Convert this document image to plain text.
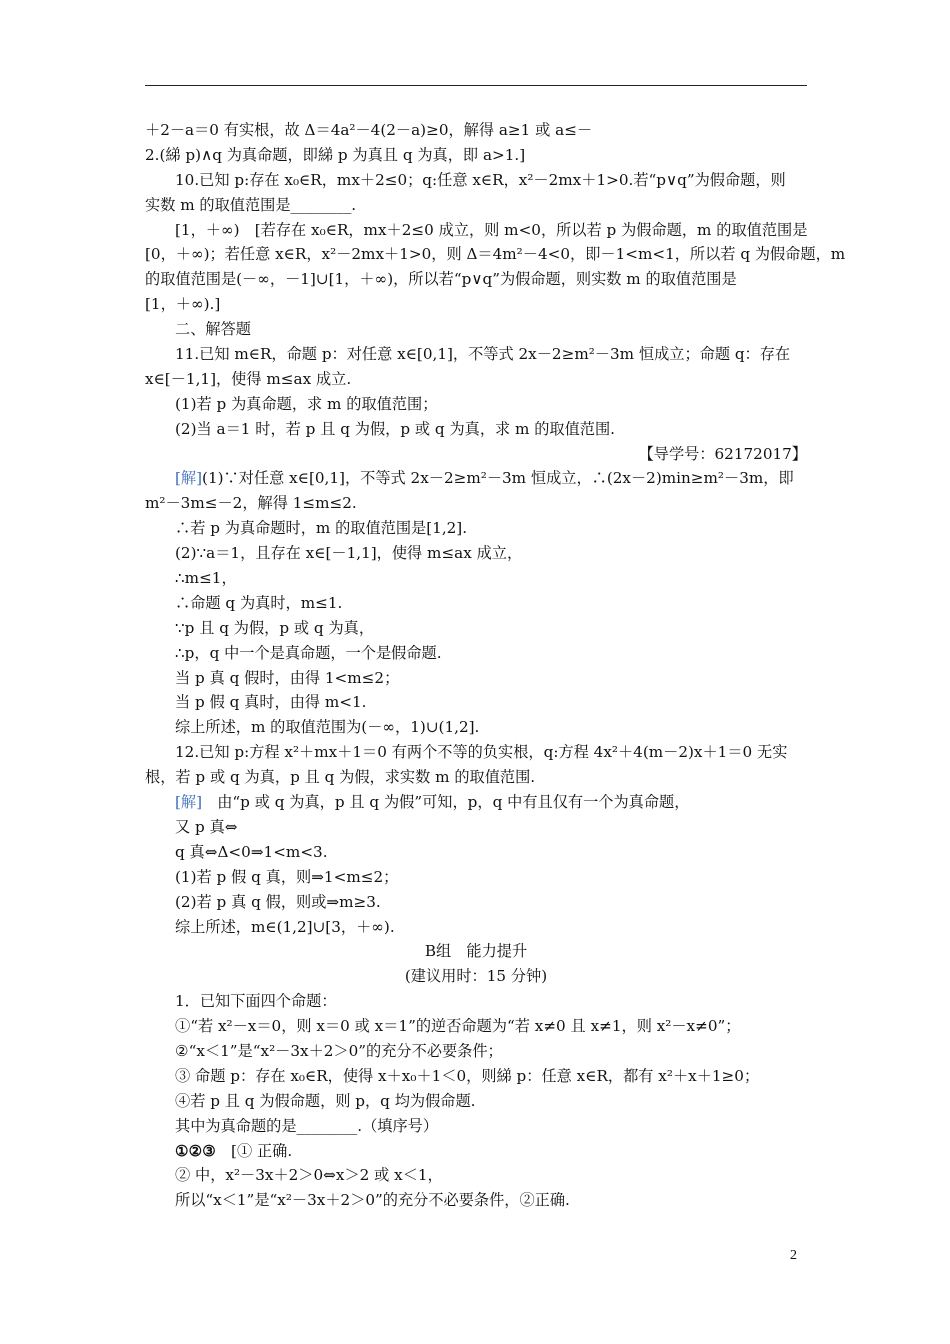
＋2－a＝0 有实根，故 Δ＝4a²－4(2－a)≥0，解得 a≥1 或 a≤－
2.(綈 p)∧q 为真命题，即綈 p 为真且 q 为真，即 a>1.]
10.已知 p:存在 x₀∈R，mx＋2≤0；q:任意 x∈R，x²－2mx＋1>0.若“p∨q”为假命题，则
实数 m 的取值范围是________.
[1，＋∞)　[若存在 x₀∈R，mx＋2≤0 成立，则 m<0，所以若 p 为假命题，m 的取值范围是
[0，＋∞)；若任意 x∈R，x²－2mx＋1>0，则 Δ＝4m²－4<0，即－1<m<1，所以若 q 为假命题，m
的取值范围是(－∞，－1]∪[1，＋∞)，所以若“p∨q”为假命题，则实数 m 的取值范围是
[1，＋∞).]
二、解答题
11.已知 m∈R，命题 p：对任意 x∈[0,1]，不等式 2x－2≥m²－3m 恒成立；命题 q：存在
x∈[－1,1]，使得 m≤ax 成立.
(1)若 p 为真命题，求 m 的取值范围；
(2)当 a＝1 时，若 p 且 q 为假，p 或 q 为真，求 m 的取值范围.
【导学号：62172017】
[解](1)∵对任意 x∈[0,1]，不等式 2x－2≥m²－3m 恒成立，∴(2x－2)min≥m²－3m，即
m²－3m≤－2，解得 1≤m≤2.
∴若 p 为真命题时，m 的取值范围是[1,2].
(2)∵a＝1，且存在 x∈[－1,1]，使得 m≤ax 成立，
∴m≤1，
∴命题 q 为真时，m≤1.
∵p 且 q 为假，p 或 q 为真，
∴p，q 中一个是真命题，一个是假命题.
当 p 真 q 假时，由得 1<m≤2；
当 p 假 q 真时，由得 m<1.
综上所述，m 的取值范围为(－∞，1)∪(1,2].
12.已知 p:方程 x²＋mx＋1＝0 有两个不等的负实根，q:方程 4x²＋4(m－2)x＋1＝0 无实
根，若 p 或 q 为真，p 且 q 为假，求实数 m 的取值范围.
[解]　由“p 或 q 为真，p 且 q 为假”可知，p，q 中有且仅有一个为真命题，
又 p 真⇔
q 真⇔Δ<0⇒1<m<3.
(1)若 p 假 q 真，则⇒1<m≤2；
(2)若 p 真 q 假，则或⇒m≥3.
综上所述，m∈(1,2]∪[3，＋∞).
B组　能力提升
(建议用时：15 分钟)
1．已知下面四个命题：
①“若 x²－x＝0，则 x＝0 或 x＝1”的逆否命题为“若 x≠0 且 x≠1，则 x²－x≠0”；
②“x＜1”是“x²－3x＋2＞0”的充分不必要条件；
③ 命题 p：存在 x₀∈R，使得 x＋x₀＋1＜0，则綈 p：任意 x∈R，都有 x²＋x＋1≥0；
④若 p 且 q 为假命题，则 p，q 均为假命题.
其中为真命题的是________.（填序号）
①②③　[① 正确.
② 中，x²－3x＋2＞0⇔x＞2 或 x＜1，
所以“x＜1”是“x²－3x＋2＞0”的充分不必要条件，②正确.
2
